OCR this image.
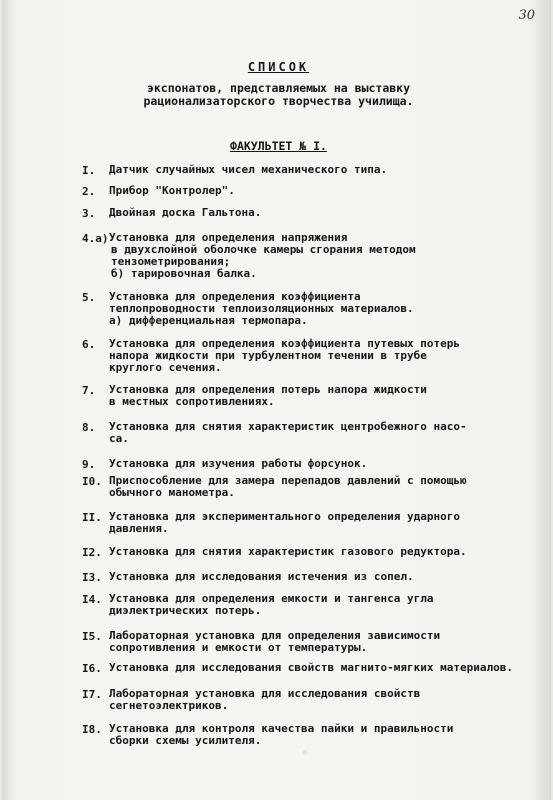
30
СПИСОК
экспонатов, представляемых на выставку
рационализаторского творчества училища.
ФАКУЛЬТЕТ № I.
I.	Датчик случайных чисел механического типа.
2.	Прибор "Контролер".
3.	Двойная доска Гальтона.
4.а) Установка для определения напряжения
в двухслойной оболочке камеры сгорания методом
тензометрирования;
б) тарировочная балка.
5.	Установка для определения коэффициента
теплопроводности теплоизоляционных материалов.
а) дифференциальная термопара.
6.	Установка для определения коэффициента путевых потерь
напора жидкости при турбулентном течении в трубе
круглого сечения.
7.	Установка для определения потерь напора жидкости
в местных сопротивлениях.
8.	Установка для снятия характеристик центробежного насо-
са.
9.	Установка для изучения работы форсунок.
I0. Приспособление для замера перепадов давлений с помощью
обычного манометра.
II. Установка для экспериментального определения ударного
давления.
I2. Установка для снятия характеристик газового редуктора.
I3. Установка для исследования истечения из сопел.
I4. Установка для определения емкости и тангенса угла
диэлектрических потерь.
I5. Лабораторная установка для определения зависимости
сопротивления и емкости от температуры.
I6. Установка для исследования свойств магнито-мягких материалов.
I7. Лабораторная установка для исследования свойств
сегнетоэлектриков.
I8. Установка для контроля качества пайки и правильности
сборки схемы усилителя.
